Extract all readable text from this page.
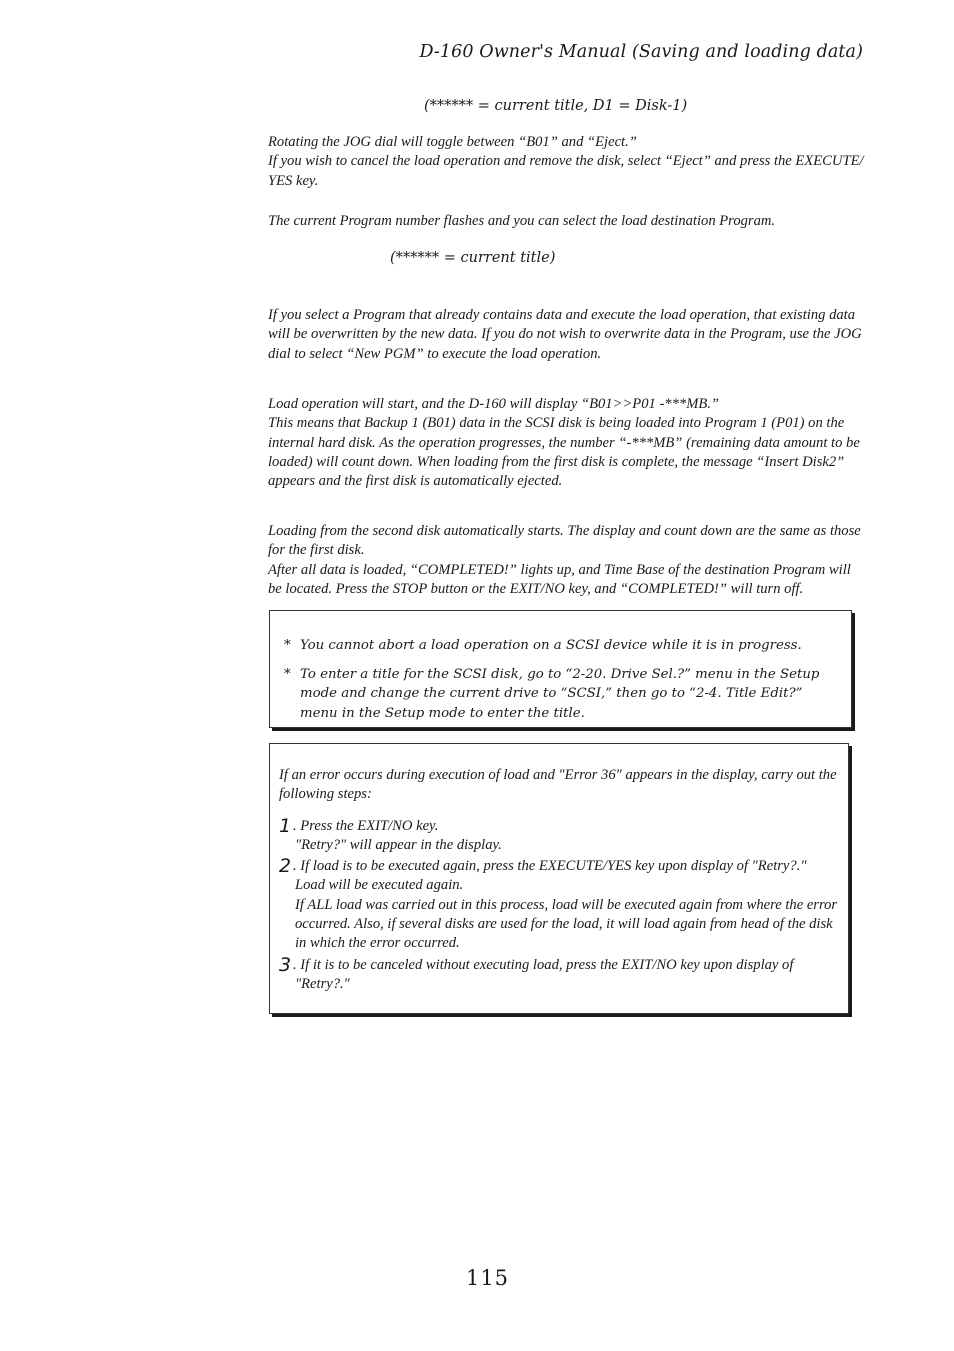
D-160 Owner's Manual (Saving and loading data)
(****** = current title, D1 = Disk-1)

Rotating the JOG dial will toggle between “B01” and “Eject.”

If you wish to cancel the load operation and remove the disk, select “Eject” and press the EXECUTE/ YES key.

The current Program number flashes and you can select the load destination Program.

(****** = current title)

If you select a Program that already contains data and execute the load operation, that existing data will be overwritten by the new data. If you do not wish to overwrite data in the Program, use the JOG dial to select “New PGM” to execute the load operation.

Load operation will start, and the D-160 will display “B01>>P01 -***MB.”

This means that Backup 1 (B01) data in the SCSI disk is being loaded into Program 1 (P01) on the internal hard disk. As the operation progresses, the number “-***MB” (remaining data amount to be loaded) will count down. When loading from the first disk is complete, the message “Insert Disk2” appears and the first disk is automatically ejected.

Loading from the second disk automatically starts. The display and count down are the same as those for the first disk.

After all data is loaded, “COMPLETED!” lights up, and Time Base of the destination Program will be located. Press the STOP button or the EXIT/NO key, and “COMPLETED!” will turn off.

* You cannot abort a load operation on a SCSI device while it is in progress.
* To enter a title for the SCSI disk, go to “2-20. Drive Sel.?” menu in the Setup mode and change the current drive to “SCSI,” then go to “2-4. Title Edit?” menu in the Setup mode to enter the title.

If an error occurs during execution of load and "Error 36" appears in the display, carry out the following steps:

1 . Press the EXIT/NO key.

"Retry?" will appear in the display.

2 . If load is to be executed again, press the EXECUTE/YES key upon display of "Retry?."

Load will be executed again.

If ALL load was carried out in this process, load will be executed again from where the error occurred. Also, if several disks are used for the load, it will load again from head of the disk in which the error occurred.

3 . If it is to be canceled without executing load, press the EXIT/NO key upon display of

"Retry?."

115
